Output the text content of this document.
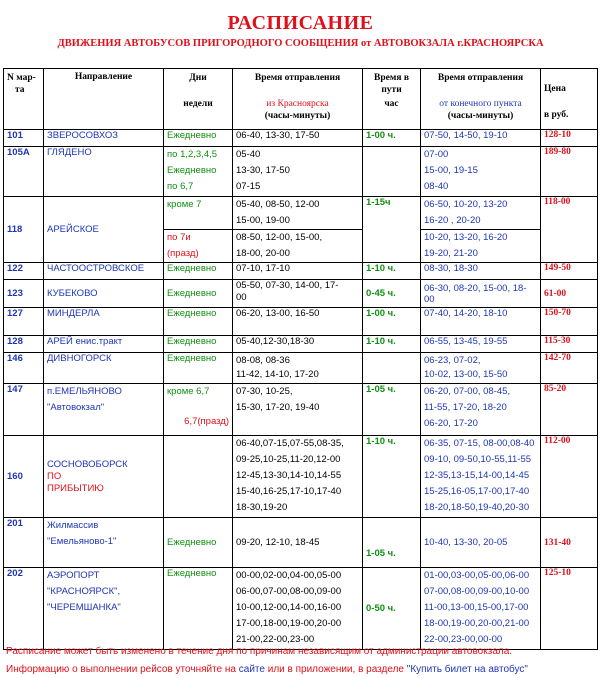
РАСПИСАНИЕ
ДВИЖЕНИЯ АВТОБУСОВ ПРИГОРОДНОГО СООБЩЕНИЯ от АВТОВОКЗАЛА г.КРАСНОЯРСКА
N мар-
та	Направление	Дни
недели	Время отправления
из Красноярска
(часы-минуты)	Время в
пути
час	Время отправления
от конечного пункта
(часы-минуты)	Цена
в руб.

101	ЗВЕРОСОВХОЗ	Ежедневно	06-40, 13-30, 17-50	1-00 ч.	07-50, 14-50, 19-10	128-10
105А	ГЛЯДЕНО	по 1,2,3,4,5
Ежедневно
по 6,7	05-40
13-30, 17-50
07-15		07-00
15-00, 19-15
08-40	189-80
118	АРЕЙСКОЕ	кроме 7	05-40, 08-50, 12-00
15-00, 19-00	1-15ч	06-50, 10-20, 13-20
16-20 , 20-20	118-00

		по 7и
(празд)	08-50, 12-00, 15-00,
18-00, 20-00		10-20, 13-20, 16-20
19-20, 21-20	

122	ЧАСТООСТРОВСКОЕ	Ежедневно	07-10, 17-10	1-10 ч.	08-30, 18-30	149-50
123	КУБЕКОВО	Ежедневно	05-50, 07-30, 14-00, 17-
00	0-45 ч.	06-30, 08-20, 15-00, 18-00	61-00
127	МИНДЕРЛА	Ежедневно	06-20, 13-00, 16-50	1-00 ч.	07-40, 14-20, 18-10	150-70
128	АРЕЙ енис.тракт	Ежедневно	05-40,12-30,18-30	1-10 ч.	06-55, 13-45, 19-55	115-30
146	ДИВНОГОРСК	Ежедневно	08-08, 08-36
11-42, 14-10, 17-20		06-23, 07-02,
10-02, 13-00, 15-50	142-70
147	п.ЕМЕЛЬЯНОВО
"Автовокзал"	кроме 6,7
6,7(празд)	07-30, 10-25,
15-30, 17-20, 19-40	1-05 ч.	06-20, 07-00, 08-45,
11-55, 17-20, 18-20
06-20, 17-20	85-20
160	СОСНОВОБОРСК
ПО
ПРИБЫТИЮ		06-40,07-15,07-55,08-35,
09-25,10-25,11-20,12-00
12-45,13-30,14-10,14-55
15-40,16-25,17-10,17-40
18-30,19-20	1-10 ч.	06-35, 07-15, 08-00,08-40
09-10, 09-50,10-55,11-55
12-35,13-15,14-00,14-45
15-25,16-05,17-00,17-40
18-20,18-50,19-40,20-30	112-00
201	Жилмассив
"Емельяново-1"	Ежедневно	09-20, 12-10, 18-45	1-05 ч.	10-40, 13-30, 20-05	131-40
202	АЭРОПОРТ
"КРАСНОЯРСК",
"ЧЕРЕМШАНКА"	Ежедневно	00-00,02-00,04-00,05-00
06-00,07-00,08-00,09-00
10-00,12-00,14-00,16-00
17-00,18-00,19-00,20-00
21-00,22-00,23-00	0-50 ч.	01-00,03-00,05-00,06-00
07-00,08-00,09-00,10-00
11-00,13-00,15-00,17-00
18-00,19-00,20-00,21-00
22-00,23-00,00-00	125-10
Расписание может быть изменено в течение дня по причинам независящим от администрации автовокзала.
Информацию о выполнении рейсов уточняйте на сайте или в приложении, в разделе "Купить билет на автобус"
